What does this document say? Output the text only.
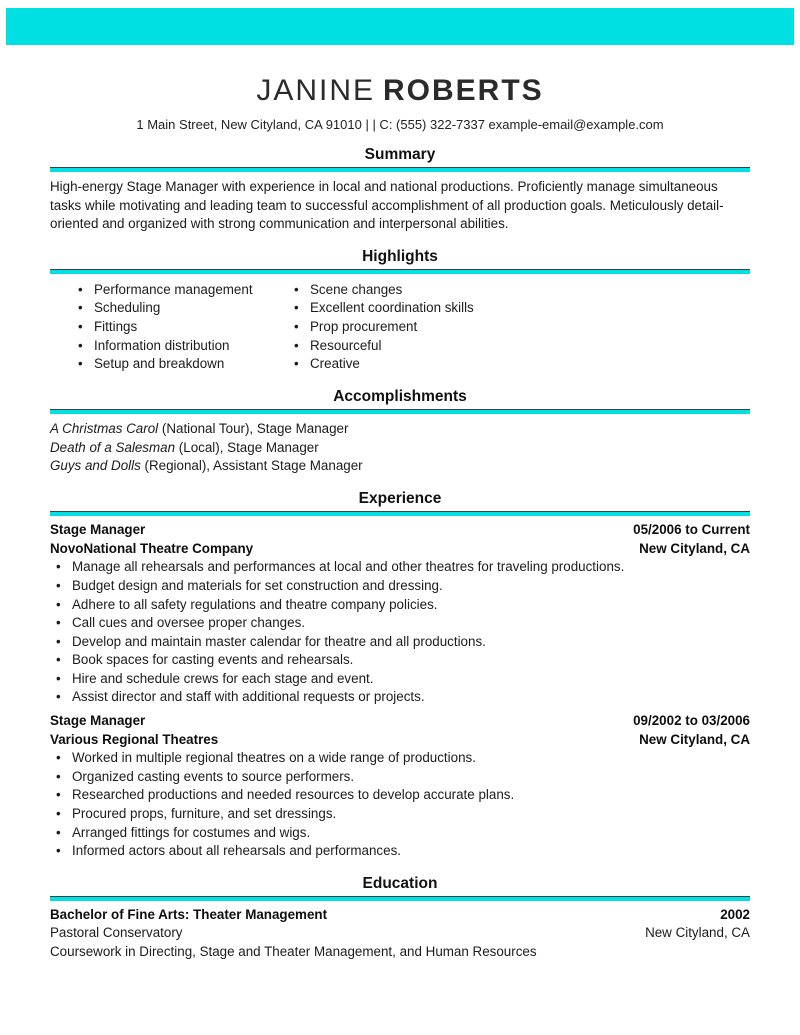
JANINE ROBERTS
1 Main Street, New Cityland, CA 91010 | | C: (555) 322-7337 example-email@example.com
Summary

High-energy Stage Manager with experience in local and national productions. Proficiently manage simultaneous tasks while motivating and leading team to successful accomplishment of all production goals. Meticulously detail-oriented and organized with strong communication and interpersonal abilities.

Highlights
• Performance management
• Scheduling
• Fittings
• Information distribution
• Setup and breakdown
• Scene changes
• Excellent coordination skills
• Prop procurement
• Resourceful
• Creative
Accomplishments
A Christmas Carol (National Tour), Stage Manager
Death of a Salesman (Local), Stage Manager
Guys and Dolls (Regional), Assistant Stage Manager
Experience
Stage Manager	05/2006 to Current
NovoNational Theatre Company	New Cityland, CA
• Manage all rehearsals and performances at local and other theatres for traveling productions.
• Budget design and materials for set construction and dressing.
• Adhere to all safety regulations and theatre company policies.
• Call cues and oversee proper changes.
• Develop and maintain master calendar for theatre and all productions.
• Book spaces for casting events and rehearsals.
• Hire and schedule crews for each stage and event.
• Assist director and staff with additional requests or projects.
Stage Manager	09/2002 to 03/2006
Various Regional Theatres	New Cityland, CA
• Worked in multiple regional theatres on a wide range of productions.
• Organized casting events to source performers.
• Researched productions and needed resources to develop accurate plans.
• Procured props, furniture, and set dressings.
• Arranged fittings for costumes and wigs.
• Informed actors about all rehearsals and performances.
Education
Bachelor of Fine Arts: Theater Management	2002
Pastoral Conservatory	New Cityland, CA
Coursework in Directing, Stage and Theater Management, and Human Resources
